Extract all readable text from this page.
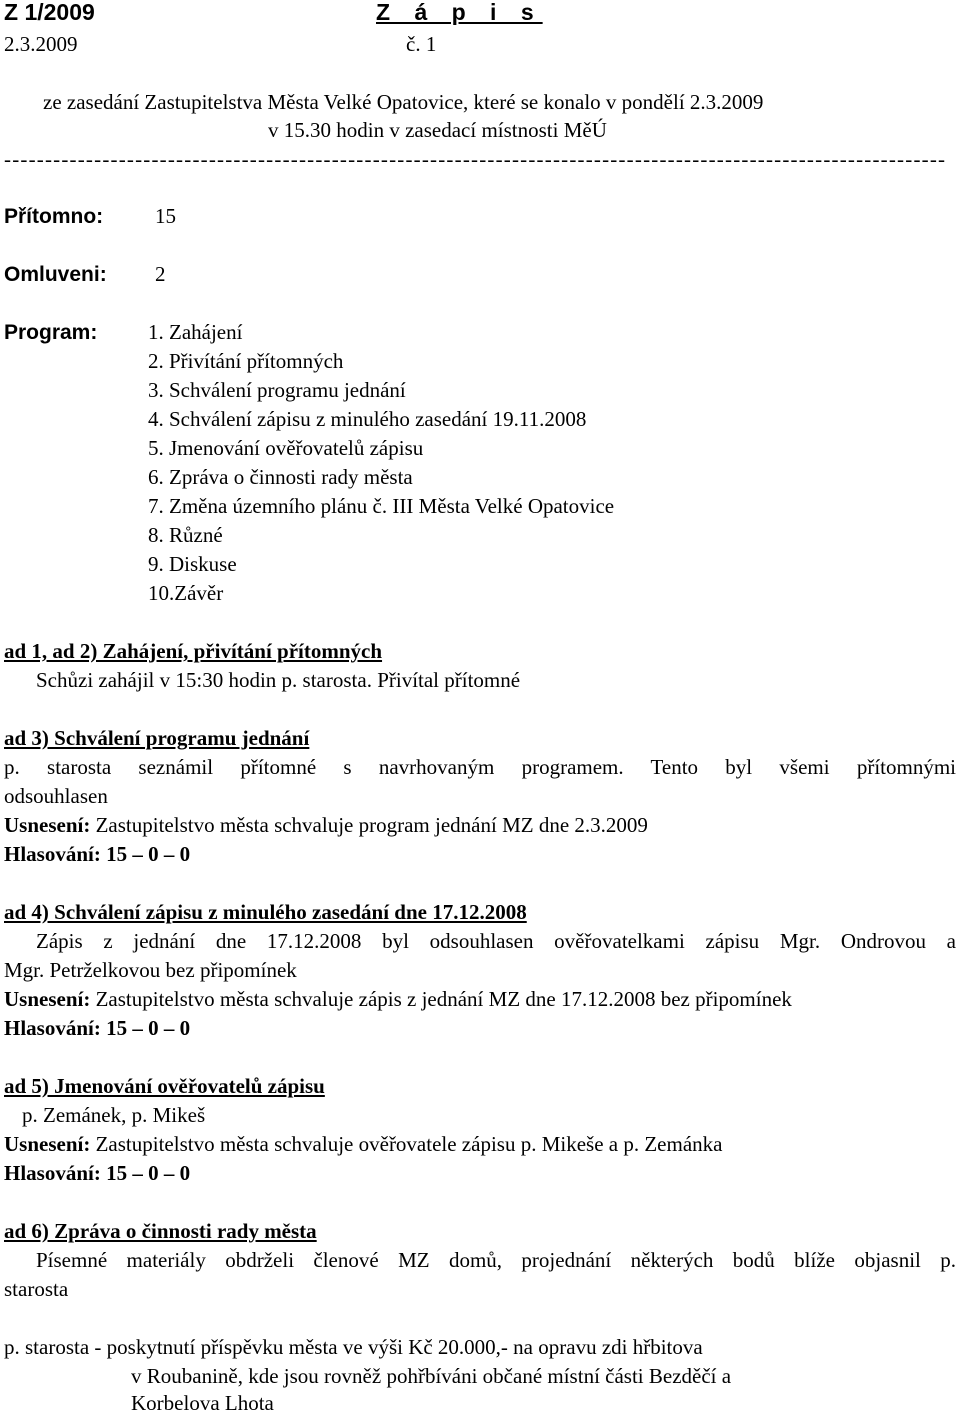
Z 1/2009	Z á p i s
2.3.2009	č. 1
ze zasedání Zastupitelstva Města Velké Opatovice, které se konalo v pondělí 2.3.2009
v 15.30 hodin v zasedací místnosti MěÚ
-------------------------------------------------------------------------------------------------------------------
Přítomno: 15
Omluveni: 2
Program: 1. Zahájení
2. Přivítání přítomných
3. Schválení programu jednání
4. Schválení zápisu z minulého zasedání 19.11.2008
5. Jmenování ověřovatelů zápisu
6. Zpráva o činnosti rady města
7. Změna územního plánu č. III Města Velké Opatovice
8. Různé
9. Diskuse
10.Závěr
ad 1, ad 2) Zahájení, přivítání přítomných
Schůzi zahájil v 15:30 hodin p. starosta. Přivítal přítomné
ad 3) Schválení programu jednání
p. starosta seznámil přítomné s navrhovaným programem. Tento byl všemi přítomnými
odsouhlasen
Usnesení: Zastupitelstvo města schvaluje program jednání MZ dne 2.3.2009
Hlasování: 15 – 0 – 0
ad 4) Schválení zápisu z minulého zasedání dne 17.12.2008
Zápis z jednání dne 17.12.2008 byl odsouhlasen ověřovatelkami zápisu Mgr. Ondrovou a
Mgr. Petrželkovou bez připomínek
Usnesení: Zastupitelstvo města schvaluje zápis z jednání MZ dne 17.12.2008 bez připomínek
Hlasování: 15 – 0 – 0
ad 5) Jmenování ověřovatelů zápisu
p. Zemánek, p. Mikeš
Usnesení: Zastupitelstvo města schvaluje ověřovatele zápisu p. Mikeše a p. Zemánka
Hlasování: 15 – 0 – 0
ad 6) Zpráva o činnosti rady města
Písemné materiály obdrželi členové MZ domů, projednání některých bodů blíže objasnil p.
starosta
p. starosta - poskytnutí příspěvku města ve výši Kč 20.000,- na opravu zdi hřbitova
v Roubanině, kde jsou rovněž pohřbíváni občané místní části Bezděčí a
Korbelova Lhota
